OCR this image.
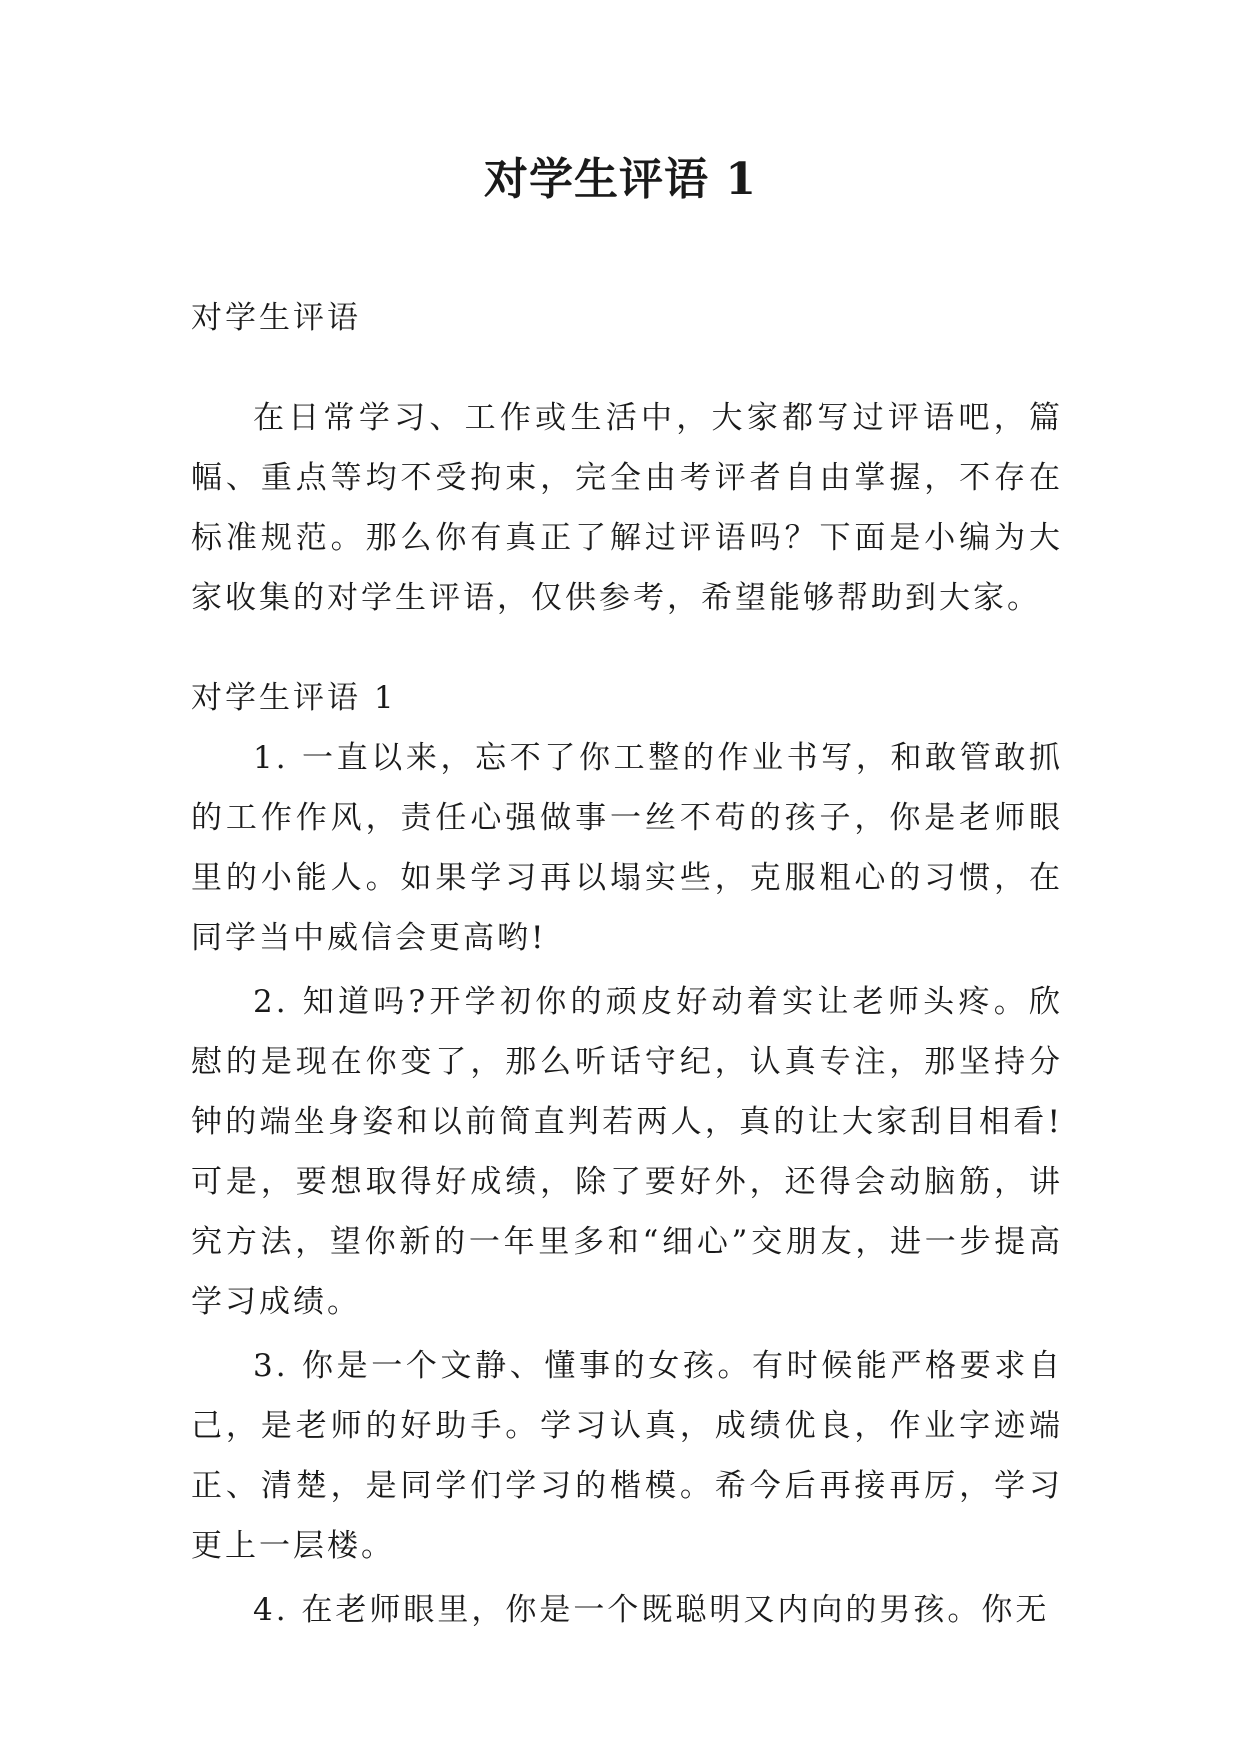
对学生评语 1

对学生评语

在日常学习、工作或生活中，大家都写过评语吧，篇幅、重点等均不受拘束，完全由考评者自由掌握，不存在标准规范。那么你有真正了解过评语吗？下面是小编为大家收集的对学生评语，仅供参考，希望能够帮助到大家。

对学生评语 1

1. 一直以来，忘不了你工整的作业书写，和敢管敢抓的工作作风，责任心强做事一丝不苟的孩子，你是老师眼里的小能人。如果学习再以塌实些，克服粗心的习惯，在同学当中威信会更高哟!

2. 知道吗?开学初你的顽皮好动着实让老师头疼。欣慰的是现在你变了，那么听话守纪，认真专注，那坚持分钟的端坐身姿和以前简直判若两人，真的让大家刮目相看!可是，要想取得好成绩，除了要好外，还得会动脑筋，讲究方法，望你新的一年里多和“细心”交朋友，进一步提高学习成绩。

3. 你是一个文静、懂事的女孩。有时候能严格要求自己，是老师的好助手。学习认真，成绩优良，作业字迹端正、清楚，是同学们学习的楷模。希今后再接再厉，学习更上一层楼。

4. 在老师眼里，你是一个既聪明又内向的男孩。你无
